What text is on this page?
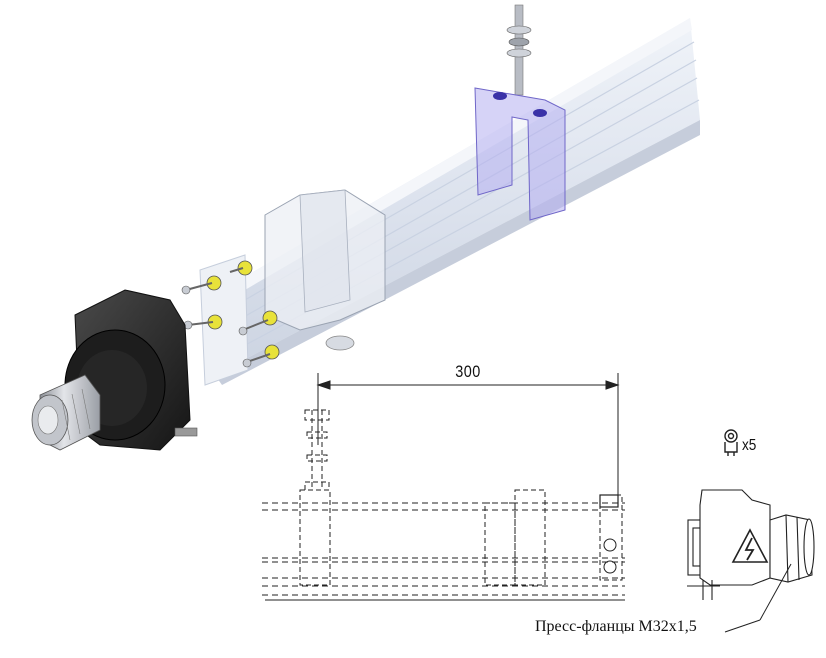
300
x5
Пресс-фланцы M32x1,5
